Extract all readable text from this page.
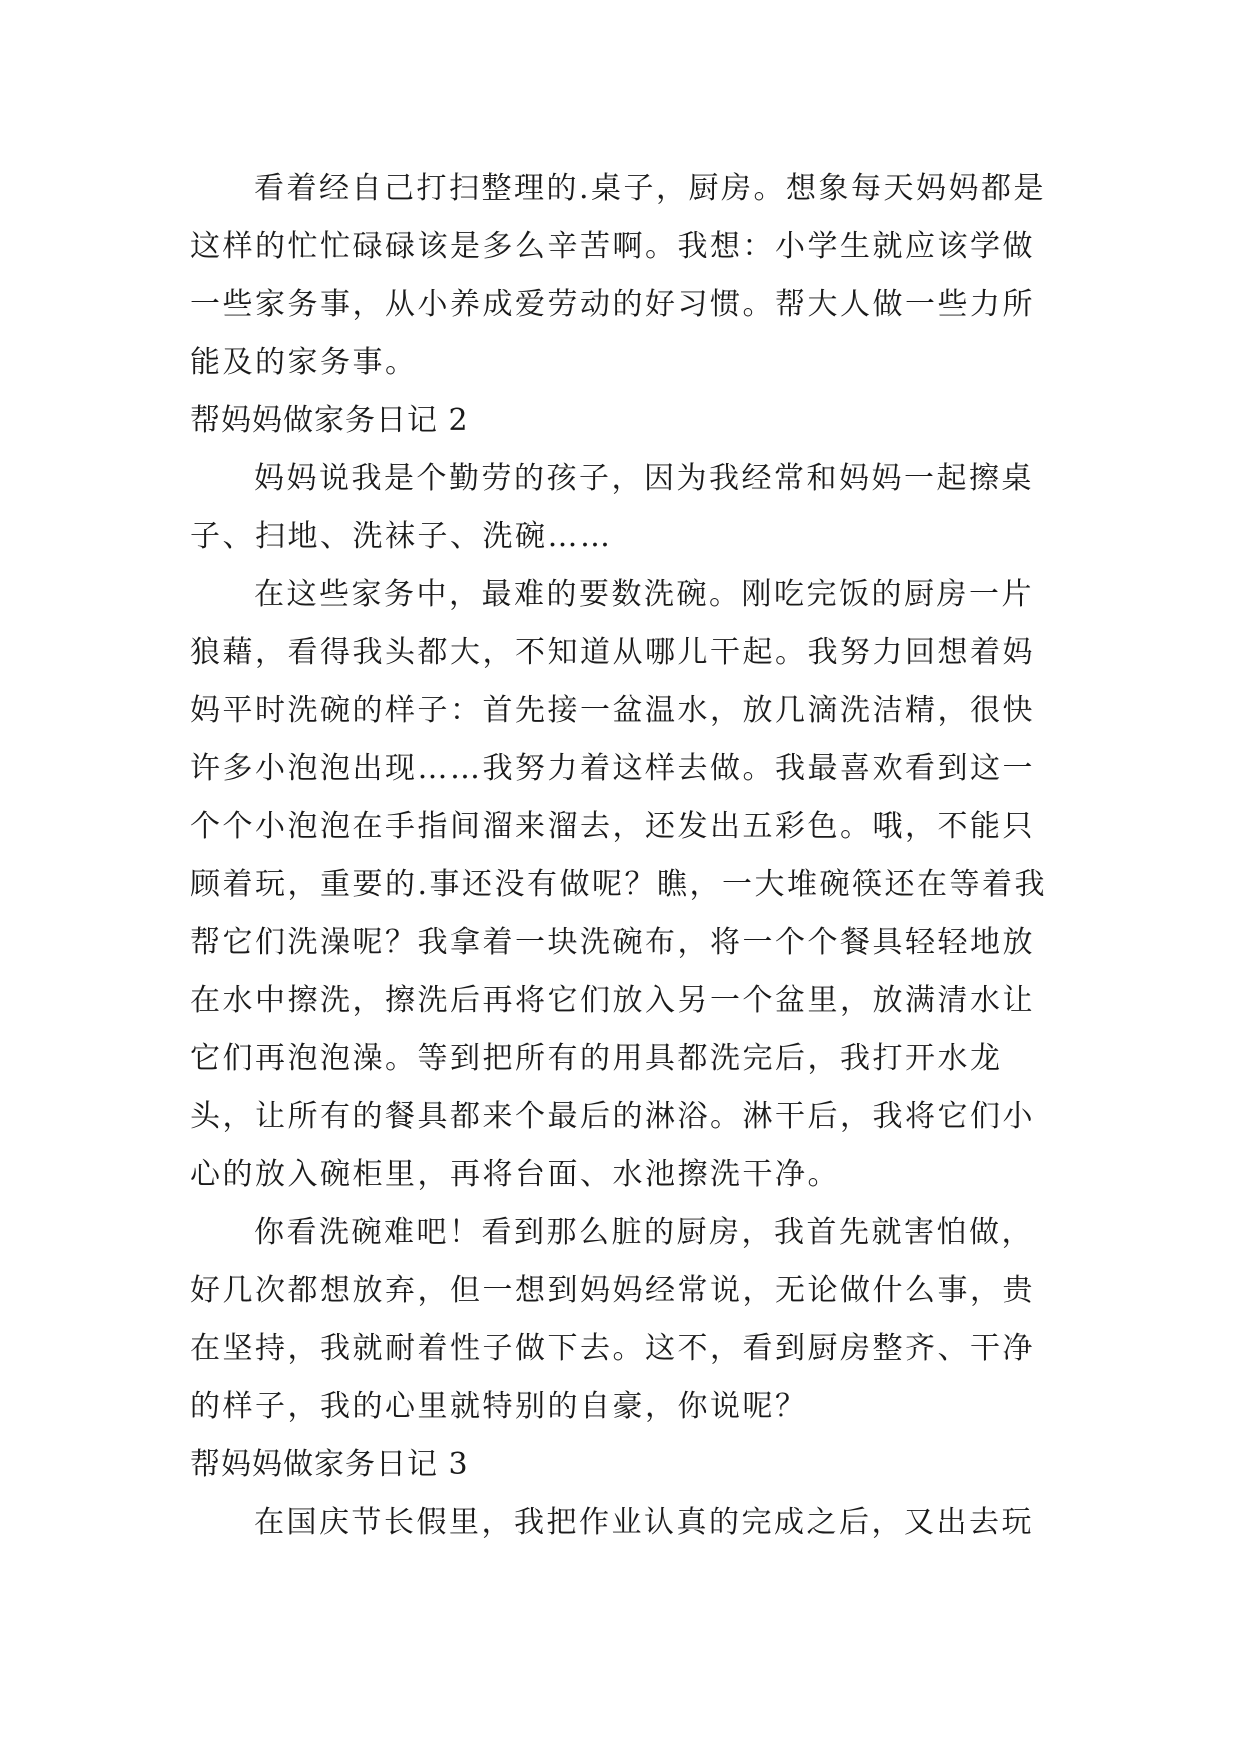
看着经自己打扫整理的.桌子，厨房。想象每天妈妈都是这样的忙忙碌碌该是多么辛苦啊。我想：小学生就应该学做一些家务事，从小养成爱劳动的好习惯。帮大人做一些力所能及的家务事。

帮妈妈做家务日记 2

妈妈说我是个勤劳的孩子，因为我经常和妈妈一起擦桌子、扫地、洗袜子、洗碗……

在这些家务中，最难的要数洗碗。刚吃完饭的厨房一片狼藉，看得我头都大，不知道从哪儿干起。我努力回想着妈妈平时洗碗的样子：首先接一盆温水，放几滴洗洁精，很快许多小泡泡出现……我努力着这样去做。我最喜欢看到这一个个小泡泡在手指间溜来溜去，还发出五彩色。哦，不能只顾着玩，重要的.事还没有做呢？瞧，一大堆碗筷还在等着我帮它们洗澡呢？我拿着一块洗碗布，将一个个餐具轻轻地放在水中擦洗，擦洗后再将它们放入另一个盆里，放满清水让它们再泡泡澡。等到把所有的用具都洗完后，我打开水龙头，让所有的餐具都来个最后的淋浴。淋干后，我将它们小心的放入碗柜里，再将台面、水池擦洗干净。

你看洗碗难吧！看到那么脏的厨房，我首先就害怕做，好几次都想放弃，但一想到妈妈经常说，无论做什么事，贵在坚持，我就耐着性子做下去。这不，看到厨房整齐、干净的样子，我的心里就特别的自豪，你说呢？

帮妈妈做家务日记 3

在国庆节长假里，我把作业认真的完成之后，又出去玩
